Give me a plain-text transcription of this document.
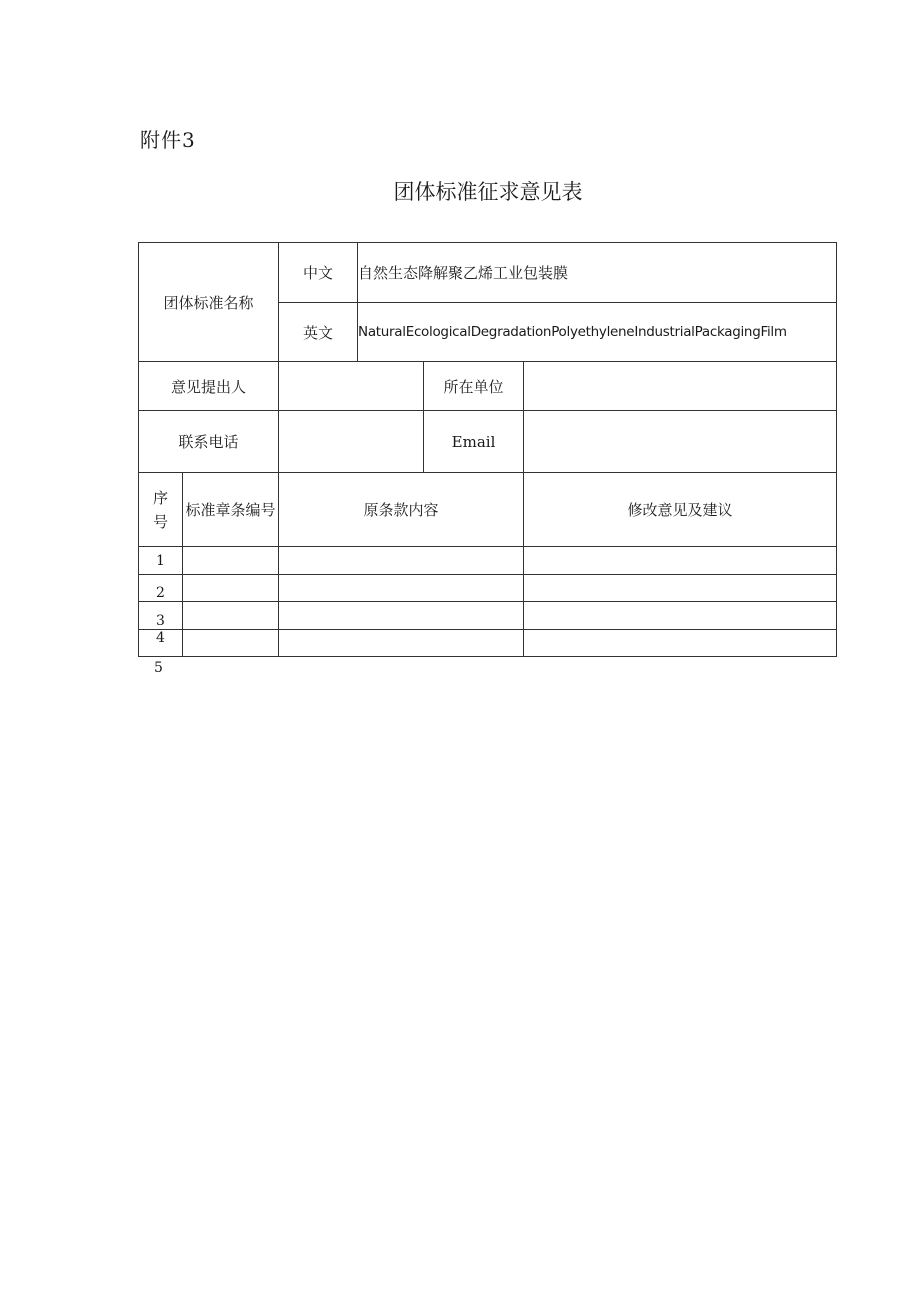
附件3
团体标准征求意见表
团体标准名称		中文	自然生态降解聚乙烯工业包装膜		
		英文	NaturalEcologicalDegradationPolyethyleneIndustrialPackagingFilm		
意见提出人				所在单位	
联系电话				Email	
序号	标准章条编号	原条款内容			修改意见及建议
1					
2					
3					
4					
5
